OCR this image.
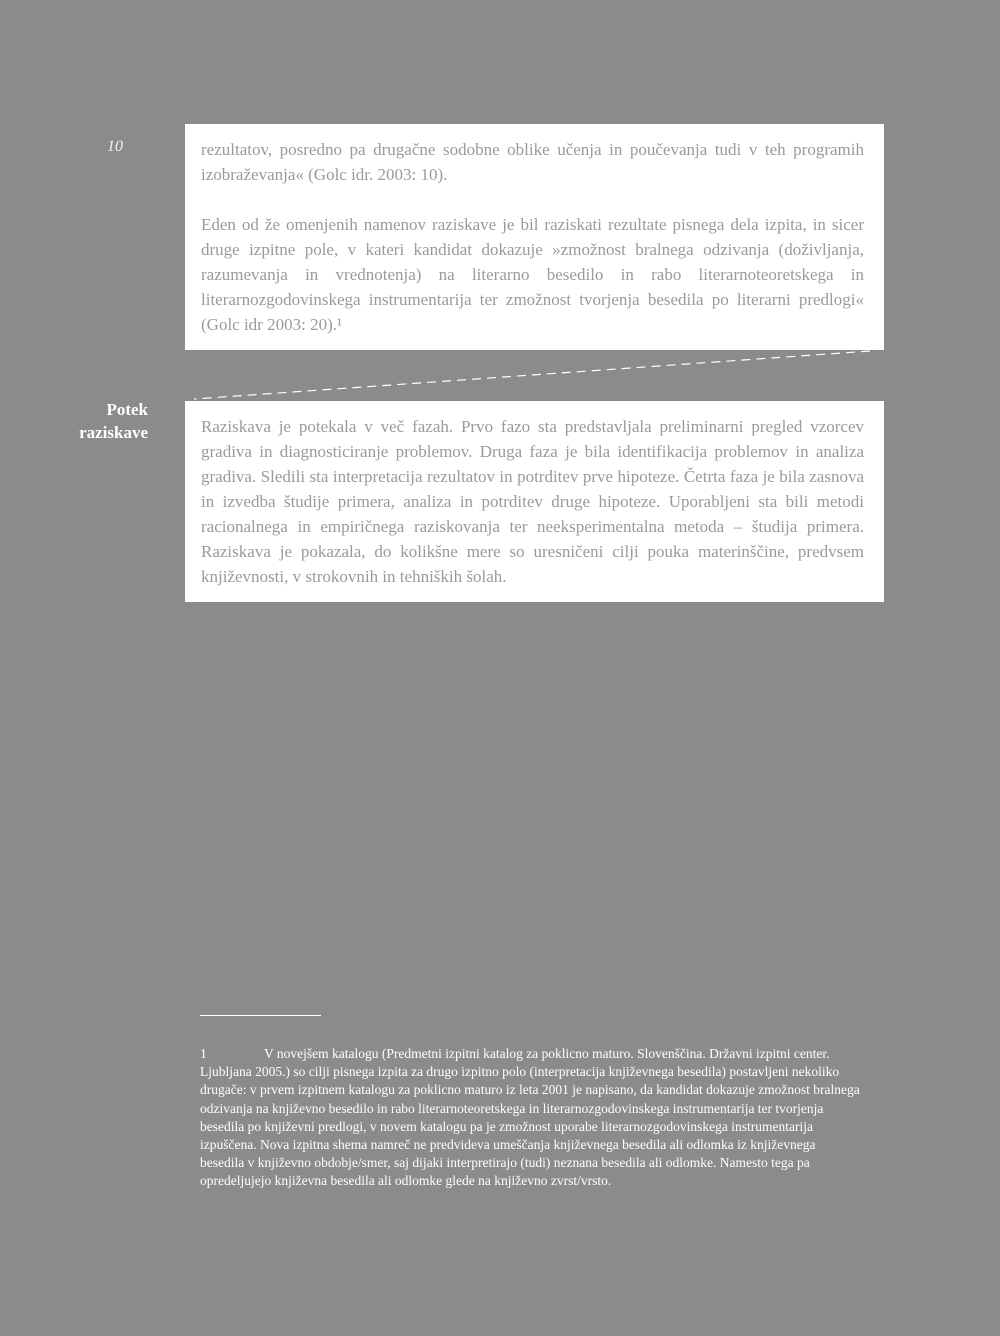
10	rezultatov, posredno pa drugačne sodobne oblike učenja in poučevanja tudi v teh programih izobraževanja« (Golc idr. 2003: 10).

Eden od že omenjenih namenov raziskave je bil raziskati rezultate pisnega dela izpita, in sicer druge izpitne pole, v kateri kandidat dokazuje »zmožnost bralnega odzivanja (doživljanja, razumevanja in vrednotenja) na literarno besedilo in rabo literarnoteoretskega in literarnozgodovinskega instrumentarija ter zmožnost tvorjenja besedila po literarni predlogi« (Golc idr 2003: 20).¹

Potek
raziskave	Raziskava je potekala v več fazah. Prvo fazo sta predstavljala preliminarni pregled vzorcev gradiva in diagnosticiranje problemov. Druga faza je bila identifikacija problemov in analiza gradiva. Sledili sta interpretacija rezultatov in potrditev prve hipoteze. Četrta faza je bila zasnova in izvedba študije primera, analiza in potrditev druge hipoteze. Uporabljeni sta bili metodi racionalnega in empiričnega raziskovanja ter neeksperimentalna metoda – študija primera. Raziskava je pokazala, do kolikšne mere so uresničeni cilji pouka materinščine, predvsem književnosti, v strokovnih in tehniških šolah.

1	V novejšem katalogu (Predmetni izpitni katalog za poklicno maturo. Slovenščina. Državni izpitni center. Ljubljana 2005.) so cilji pisnega izpita za drugo izpitno polo (interpretacija književnega besedila) postavljeni nekoliko drugače: v prvem izpitnem katalogu za poklicno maturo iz leta 2001 je napisano, da kandidat dokazuje zmožnost bralnega odzivanja na književno besedilo in rabo literarnoteoretskega in literarnozgodovinskega instrumentarija ter tvorjenja besedila po književni predlogi, v novem katalogu pa je zmožnost uporabe literarnozgodovinskega instrumentarija izpuščena. Nova izpitna shema namreč ne predvideva umeščanja književnega besedila ali odlomka iz književnega besedila v književno obdobje/smer, saj dijaki interpretirajo (tudi) neznana besedila ali odlomke. Namesto tega pa opredeljujejo književna besedila ali odlomke glede na književno zvrst/vrsto.
